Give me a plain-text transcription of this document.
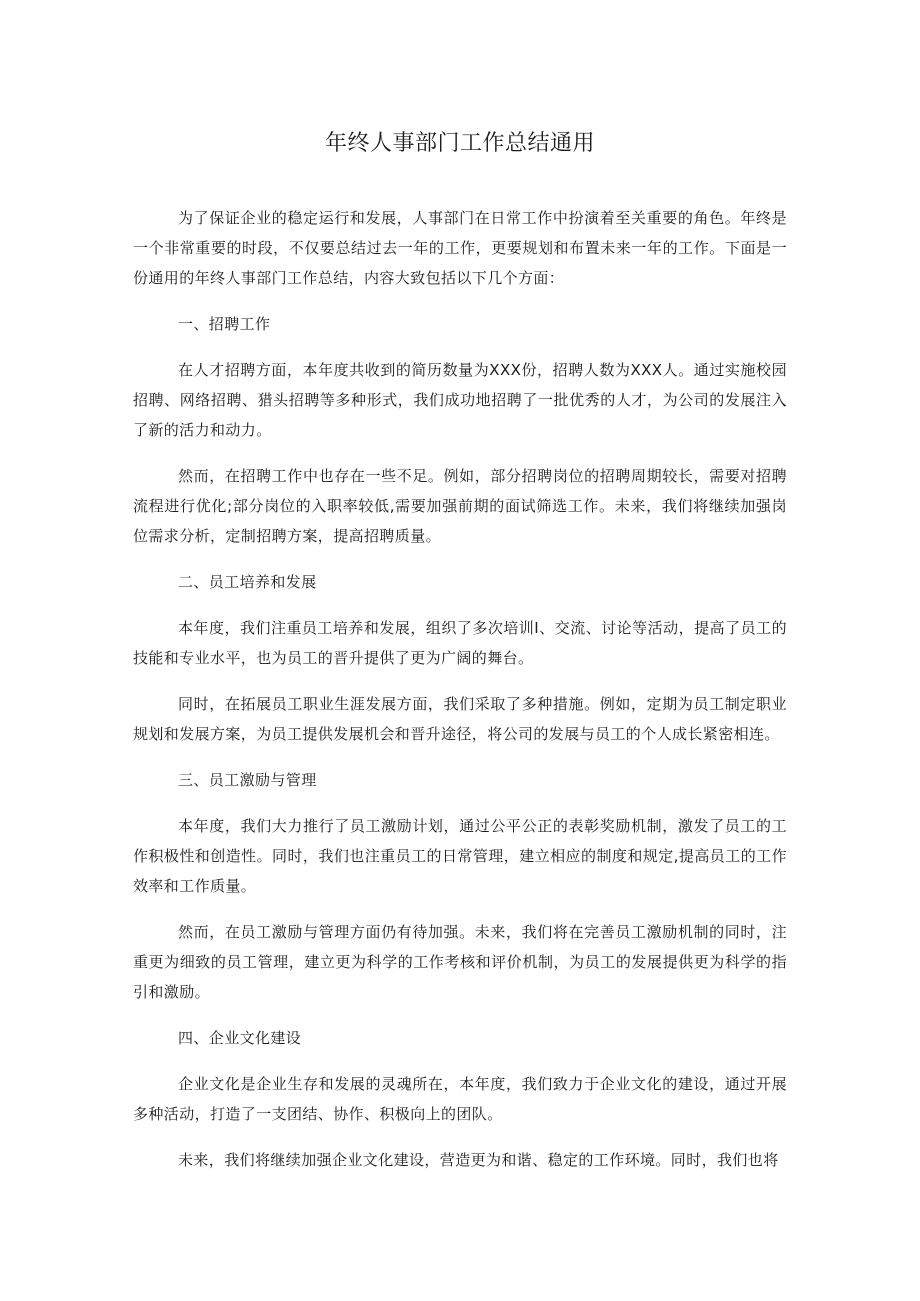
年终人事部门工作总结通用

为了保证企业的稳定运行和发展，人事部门在日常工作中扮演着至关重要的角色。年终是一个非常重要的时段，不仅要总结过去一年的工作，更要规划和布置未来一年的工作。下面是一份通用的年终人事部门工作总结，内容大致包括以下几个方面：

一、招聘工作

在人才招聘方面，本年度共收到的简历数量为XXX份，招聘人数为XXX人。通过实施校园招聘、网络招聘、猎头招聘等多种形式，我们成功地招聘了一批优秀的人才，为公司的发展注入了新的活力和动力。

然而，在招聘工作中也存在一些不足。例如，部分招聘岗位的招聘周期较长，需要对招聘流程进行优化;部分岗位的入职率较低,需要加强前期的面试筛选工作。未来，我们将继续加强岗位需求分析，定制招聘方案，提高招聘质量。

二、员工培养和发展

本年度，我们注重员工培养和发展，组织了多次培训I、交流、讨论等活动，提高了员工的技能和专业水平，也为员工的晋升提供了更为广阔的舞台。

同时，在拓展员工职业生涯发展方面，我们采取了多种措施。例如，定期为员工制定职业规划和发展方案，为员工提供发展机会和晋升途径，将公司的发展与员工的个人成长紧密相连。

三、员工激励与管理

本年度，我们大力推行了员工激励计划，通过公平公正的表彰奖励机制，激发了员工的工作积极性和创造性。同时，我们也注重员工的日常管理，建立相应的制度和规定,提高员工的工作效率和工作质量。

然而，在员工激励与管理方面仍有待加强。未来，我们将在完善员工激励机制的同时，注重更为细致的员工管理，建立更为科学的工作考核和评价机制，为员工的发展提供更为科学的指引和激励。

四、企业文化建设

企业文化是企业生存和发展的灵魂所在，本年度，我们致力于企业文化的建设，通过开展多种活动，打造了一支团结、协作、积极向上的团队。

未来，我们将继续加强企业文化建设，营造更为和谐、稳定的工作环境。同时，我们也将
